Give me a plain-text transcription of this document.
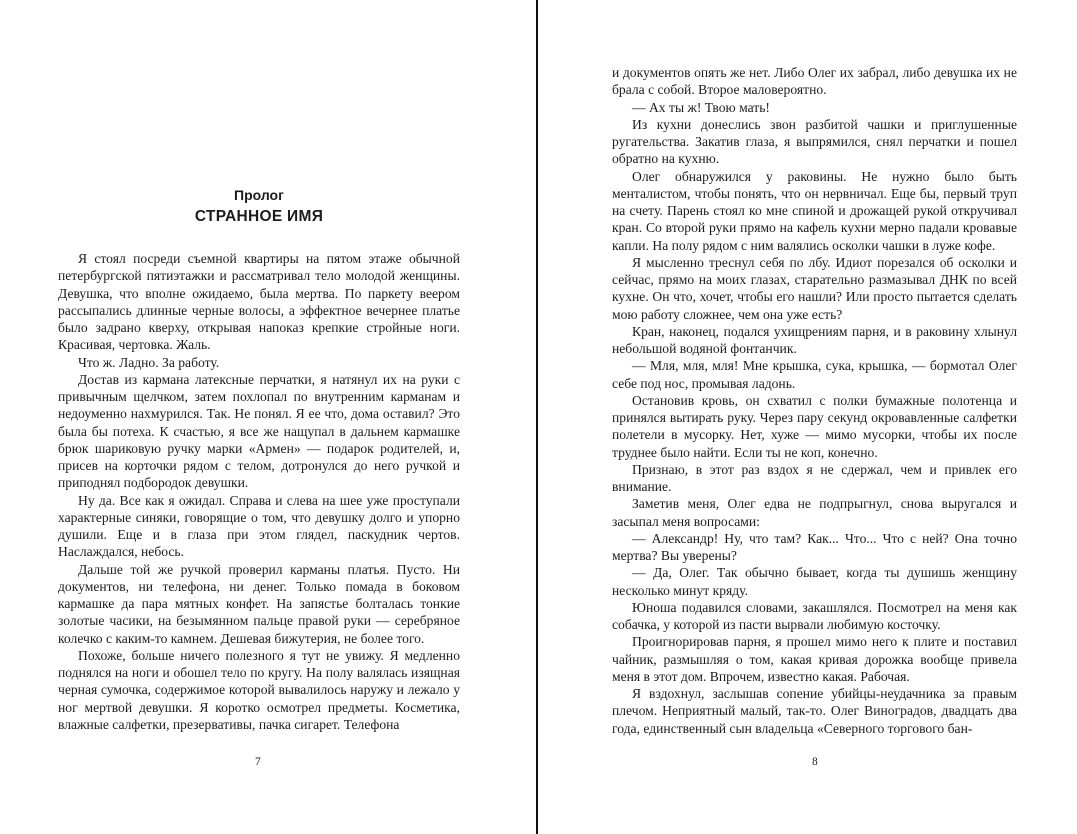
Пролог
СТРАННОЕ ИМЯ

Я стоял посреди съемной квартиры на пятом этаже обычной петербургской пятиэтажки и рассматривал тело молодой женщины. Девушка, что вполне ожидаемо, была мертва. По паркету веером рассыпались длинные черные волосы, а эффектное вечернее платье было задрано кверху, открывая напоказ крепкие стройные ноги. Красивая, чертовка. Жаль.

Что ж. Ладно. За работу.

Достав из кармана латексные перчатки, я натянул их на руки с привычным щелчком, затем похлопал по внутренним карманам и недоуменно нахмурился. Так. Не понял. Я ее что, дома оставил? Это была бы потеха. К счастью, я все же нащупал в дальнем кармашке брюк шариковую ручку марки «Армен» — подарок родителей, и, присев на корточки рядом с телом, дотронулся до него ручкой и приподнял подбородок девушки.

Ну да. Все как я ожидал. Справа и слева на шее уже проступали характерные синяки, говорящие о том, что девушку долго и упорно душили. Еще и в глаза при этом глядел, паскудник чертов. Наслаждался, небось.

Дальше той же ручкой проверил карманы платья. Пусто. Ни документов, ни телефона, ни денег. Только помада в боковом кармашке да пара мятных конфет. На запястье болталась тонкие золотые часики, на безымянном пальце правой руки — серебряное колечко с каким-то камнем. Дешевая бижутерия, не более того.

Похоже, больше ничего полезного я тут не увижу. Я медленно поднялся на ноги и обошел тело по кругу. На полу валялась изящная черная сумочка, содержимое которой вывалилось наружу и лежало у ног мертвой девушки. Я коротко осмотрел предметы. Косметика, влажные салфетки, презервативы, пачка сигарет. Телефона

7

и документов опять же нет. Либо Олег их забрал, либо девушка их не брала с собой. Второе маловероятно.

— Ах ты ж! Твою мать!

Из кухни донеслись звон разбитой чашки и приглушенные ругательства. Закатив глаза, я выпрямился, снял перчатки и пошел обратно на кухню.

Олег обнаружился у раковины. Не нужно было быть менталистом, чтобы понять, что он нервничал. Еще бы, первый труп на счету. Парень стоял ко мне спиной и дрожащей рукой откручивал кран. Со второй руки прямо на кафель кухни мерно падали кровавые капли. На полу рядом с ним валялись осколки чашки в луже кофе.

Я мысленно треснул себя по лбу. Идиот порезался об осколки и сейчас, прямо на моих глазах, старательно размазывал ДНК по всей кухне. Он что, хочет, чтобы его нашли? Или просто пытается сделать мою работу сложнее, чем она уже есть?

Кран, наконец, подался ухищрениям парня, и в раковину хлынул небольшой водяной фонтанчик.

— Мля, мля, мля! Мне крышка, сука, крышка, — бормотал Олег себе под нос, промывая ладонь.

Остановив кровь, он схватил с полки бумажные полотенца и принялся вытирать руку. Через пару секунд окровавленные салфетки полетели в мусорку. Нет, хуже — мимо мусорки, чтобы их после труднее было найти. Если ты не коп, конечно.

Признаю, в этот раз вздох я не сдержал, чем и привлек его внимание.

Заметив меня, Олег едва не подпрыгнул, снова выругался и засыпал меня вопросами:

— Александр! Ну, что там? Как... Что... Что с ней? Она точно мертва? Вы уверены?

— Да, Олег. Так обычно бывает, когда ты душишь женщину несколько минут кряду.

Юноша подавился словами, закашлялся. Посмотрел на меня как собачка, у которой из пасти вырвали любимую косточку.

Проигнорировав парня, я прошел мимо него к плите и поставил чайник, размышляя о том, какая кривая дорожка вообще привела меня в этот дом. Впрочем, известно какая. Рабочая.

Я вздохнул, заслышав сопение убийцы-неудачника за правым плечом. Неприятный малый, так-то. Олег Виноградов, двадцать два года, единственный сын владельца «Северного торгового бан-

8
